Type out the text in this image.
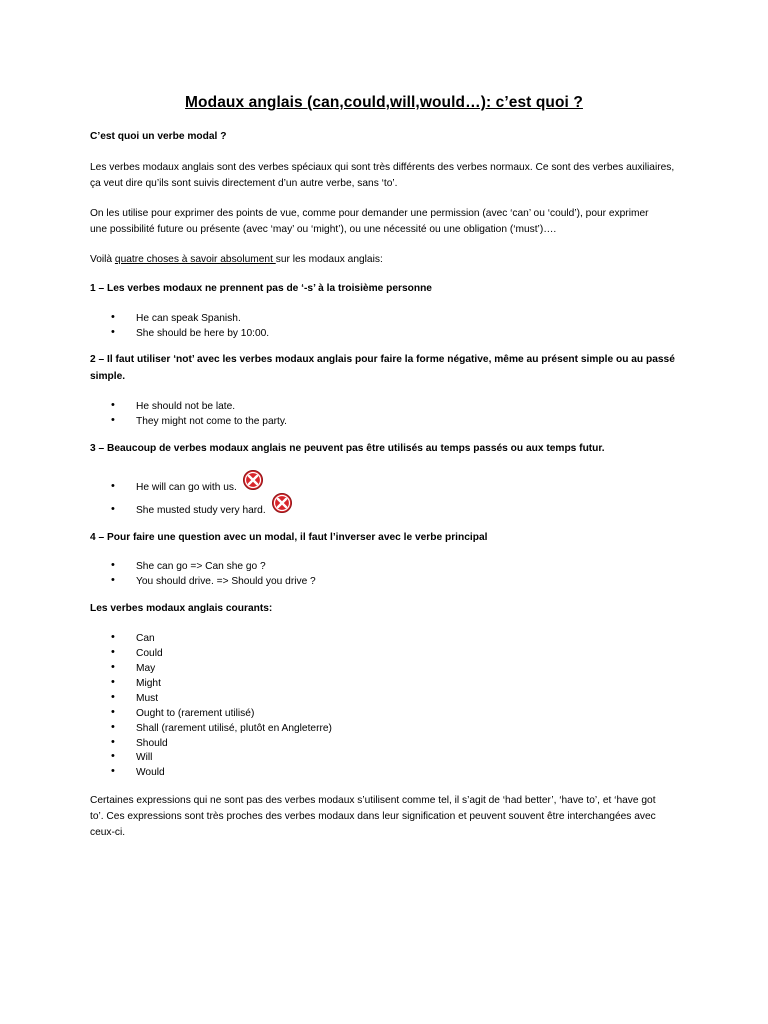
Modaux anglais (can,could,will,would…): c’est quoi ?
C’est quoi un verbe modal ?
Les verbes modaux anglais sont des verbes spéciaux qui sont très différents des verbes normaux. Ce sont des verbes auxiliaires,
ça veut dire qu’ils sont suivis directement d’un autre verbe, sans ‘to’.
On les utilise pour exprimer des points de vue, comme pour demander une permission (avec ‘can’ ou ‘could’), pour exprimer
une possibilité future ou présente (avec ‘may’ ou ‘might’), ou une nécessité ou une obligation (‘must’)….
Voilà quatre choses à savoir absolument sur les modaux anglais:
1 – Les verbes modaux ne prennent pas de ‘-s’ à la troisième personne
• He can speak Spanish.
• She should be here by 10:00.
2 – Il faut utiliser ‘not’ avec les verbes modaux anglais pour faire la forme négative, même au présent simple ou au passé
simple.
• He should not be late.
• They might not come to the party.
3 – Beaucoup de verbes modaux anglais ne peuvent pas être utilisés au temps passés ou aux temps futur.
• He will can go with us.
• She musted study very hard.
4 – Pour faire une question avec un modal, il faut l’inverser avec le verbe principal
• She can go => Can she go ?
• You should drive. => Should you drive ?
Les verbes modaux anglais courants:
• Can
• Could
• May
• Might
• Must
• Ought to (rarement utilisé)
• Shall (rarement utilisé, plutôt en Angleterre)
• Should
• Will
• Would
Certaines expressions qui ne sont pas des verbes modaux s’utilisent comme tel, il s’agit de ‘had better’, ‘have to’, et ‘have got
to’. Ces expressions sont très proches des verbes modaux dans leur signification et peuvent souvent être interchangées avec
ceux-ci.
